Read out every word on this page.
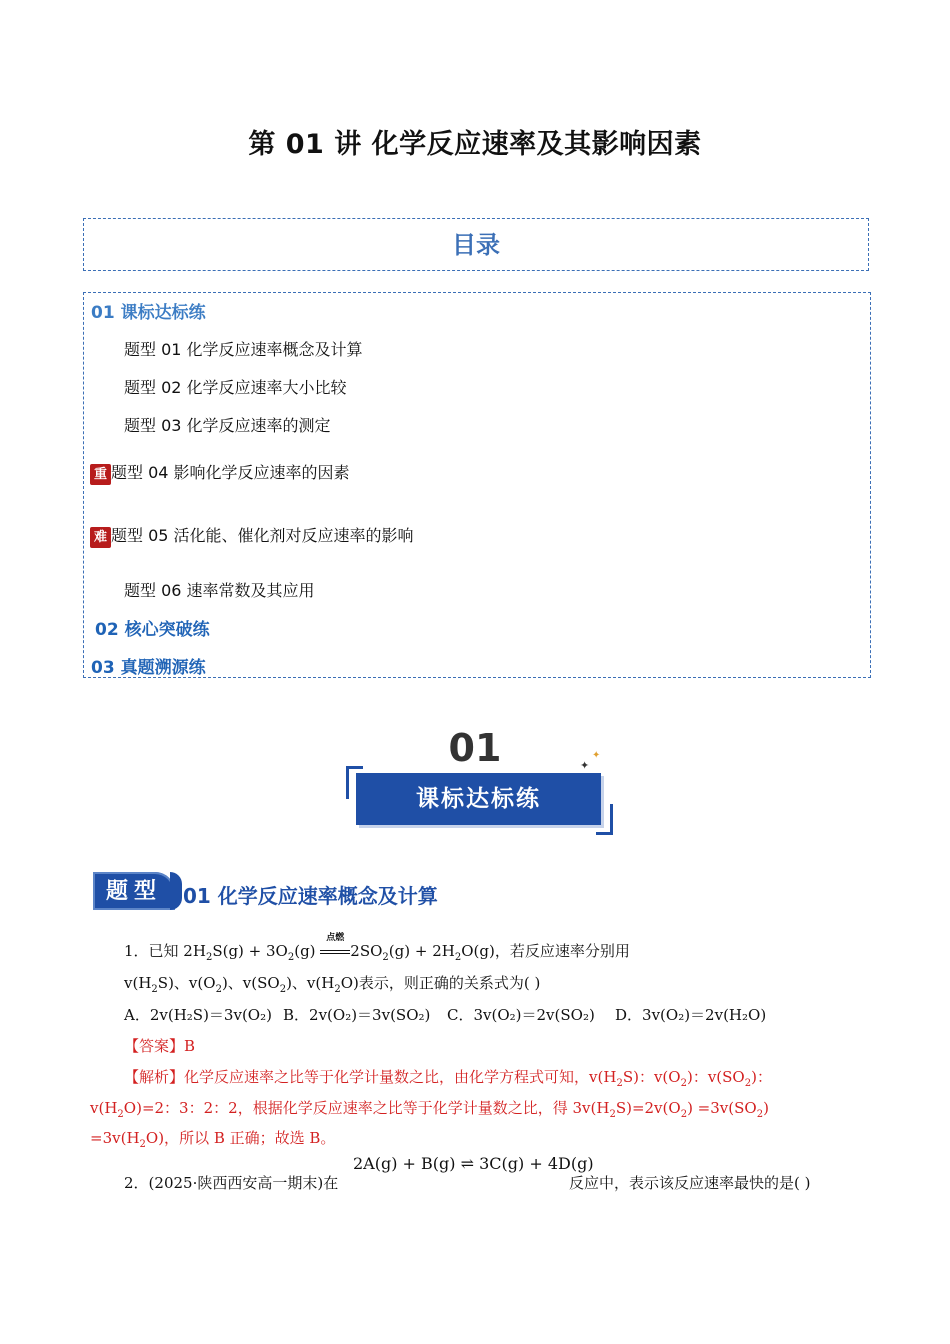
第 01 讲 化学反应速率及其影响因素
目录
01 课标达标练
题型 01 化学反应速率概念及计算
题型 02 化学反应速率大小比较
题型 03 化学反应速率的测定
重 题型 04 影响化学反应速率的因素
难 题型 05 活化能、催化剂对反应速率的影响
题型 06 速率常数及其应用
02 核心突破练
03 真题溯源练
01	✦
✦
课标达标练
题型	01 化学反应速率概念及计算
1．已知 $2H_2S(g) + 3O_2(g)$
点燃
$2SO_2(g) + 2H_2O(g)$，若反应速率分别用
$v(H_2S)$、$v(O_2)$、$v(SO_2)$、$v(H_2O)$表示，则正确的关系式为( )
A．2v(H₂S)＝3v(O₂) B．2v(O₂)＝3v(SO₂) C．3v(O₂)＝2v(SO₂) D．3v(O₂)＝2v(H₂O)
【答案】B
【解析】化学反应速率之比等于化学计量数之比，由化学方程式可知，$v(H_2S)$：$v(O_2)$：$v(SO_2)$：
$v(H_2O)=2$：3：2：2，根据化学反应速率之比等于化学计量数之比，得 $3v(H_2S)=2v(O_2) =3v(SO_2)$
$=3v(H_2O)$，所以 B 正确；故选 B。
2．(2025·陕西西安高一期末)在
2A(g) + B(g) ⇌ 3C(g) + 4D(g)
反应中，表示该反应速率最快的是( )
